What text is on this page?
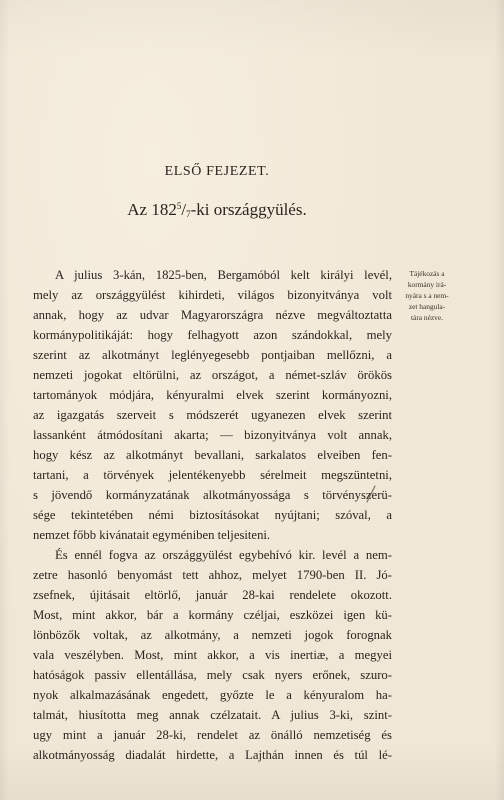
ELSŐ FEJEZET.
Az $182^5/_7-ki$ országgyülés.
Tájékozás a
kormány irá-
nyára s a nem-
zet hangula-
tára nézve.
A julius 3-kán, 1825-ben, Bergamóból kelt királyi levél,
mely az országgyülést kihirdeti, világos bizonyitványa volt
annak, hogy az udvar Magyarországra nézve megváltoztatta
kormánypolitikáját: hogy felhagyott azon szándokkal, mely
szerint az alkotmányt leglényegesebb pontjaiban mellőzni, a
nemzeti jogokat eltörülni, az országot, a német-szláv örökös
tartományok módjára, kényuralmi elvek szerint kormányozni,
az igazgatás szerveit s módszerét ugyanezen elvek szerint
lassanként átmódosítani akarta; — bizonyitványa volt annak,
hogy kész az alkotmányt bevallani, sarkalatos elveiben fen-
tartani, a törvények jelentékenyebb sérelmeit megszüntetni,
s jövendő kormányzatának alkotmányossága s törvényszerü-
sége tekintetében némi biztosításokat nyújtani; szóval, a
nemzet főbb kivánatait egyméniben teljesiteni.
És ennél fogva az országgyülést egybehívó kir. levél a nem-
zetre hasonló benyomást tett ahhoz, melyet 1790-ben II. Jó-
zsefnek, újitásait eltörlő, január 28-kai rendelete okozott.
Most, mint akkor, bár a kormány czéljai, eszközei igen kü-
lönbözők voltak, az alkotmány, a nemzeti jogok forognak
vala veszélyben. Most, mint akkor, a vis inertiæ, a megyei
hatóságok passiv ellentállása, mely csak nyers erőnek, szuro-
nyok alkalmazásának engedett, győzte le a kényuralom ha-
talmát, hiusította meg annak czélzatait. A julius 3-ki, szint-
ugy mint a január 28-ki, rendelet az önálló nemzetiség és
alkotmányosság diadalát hirdette, a Lajthán innen és túl lé-
